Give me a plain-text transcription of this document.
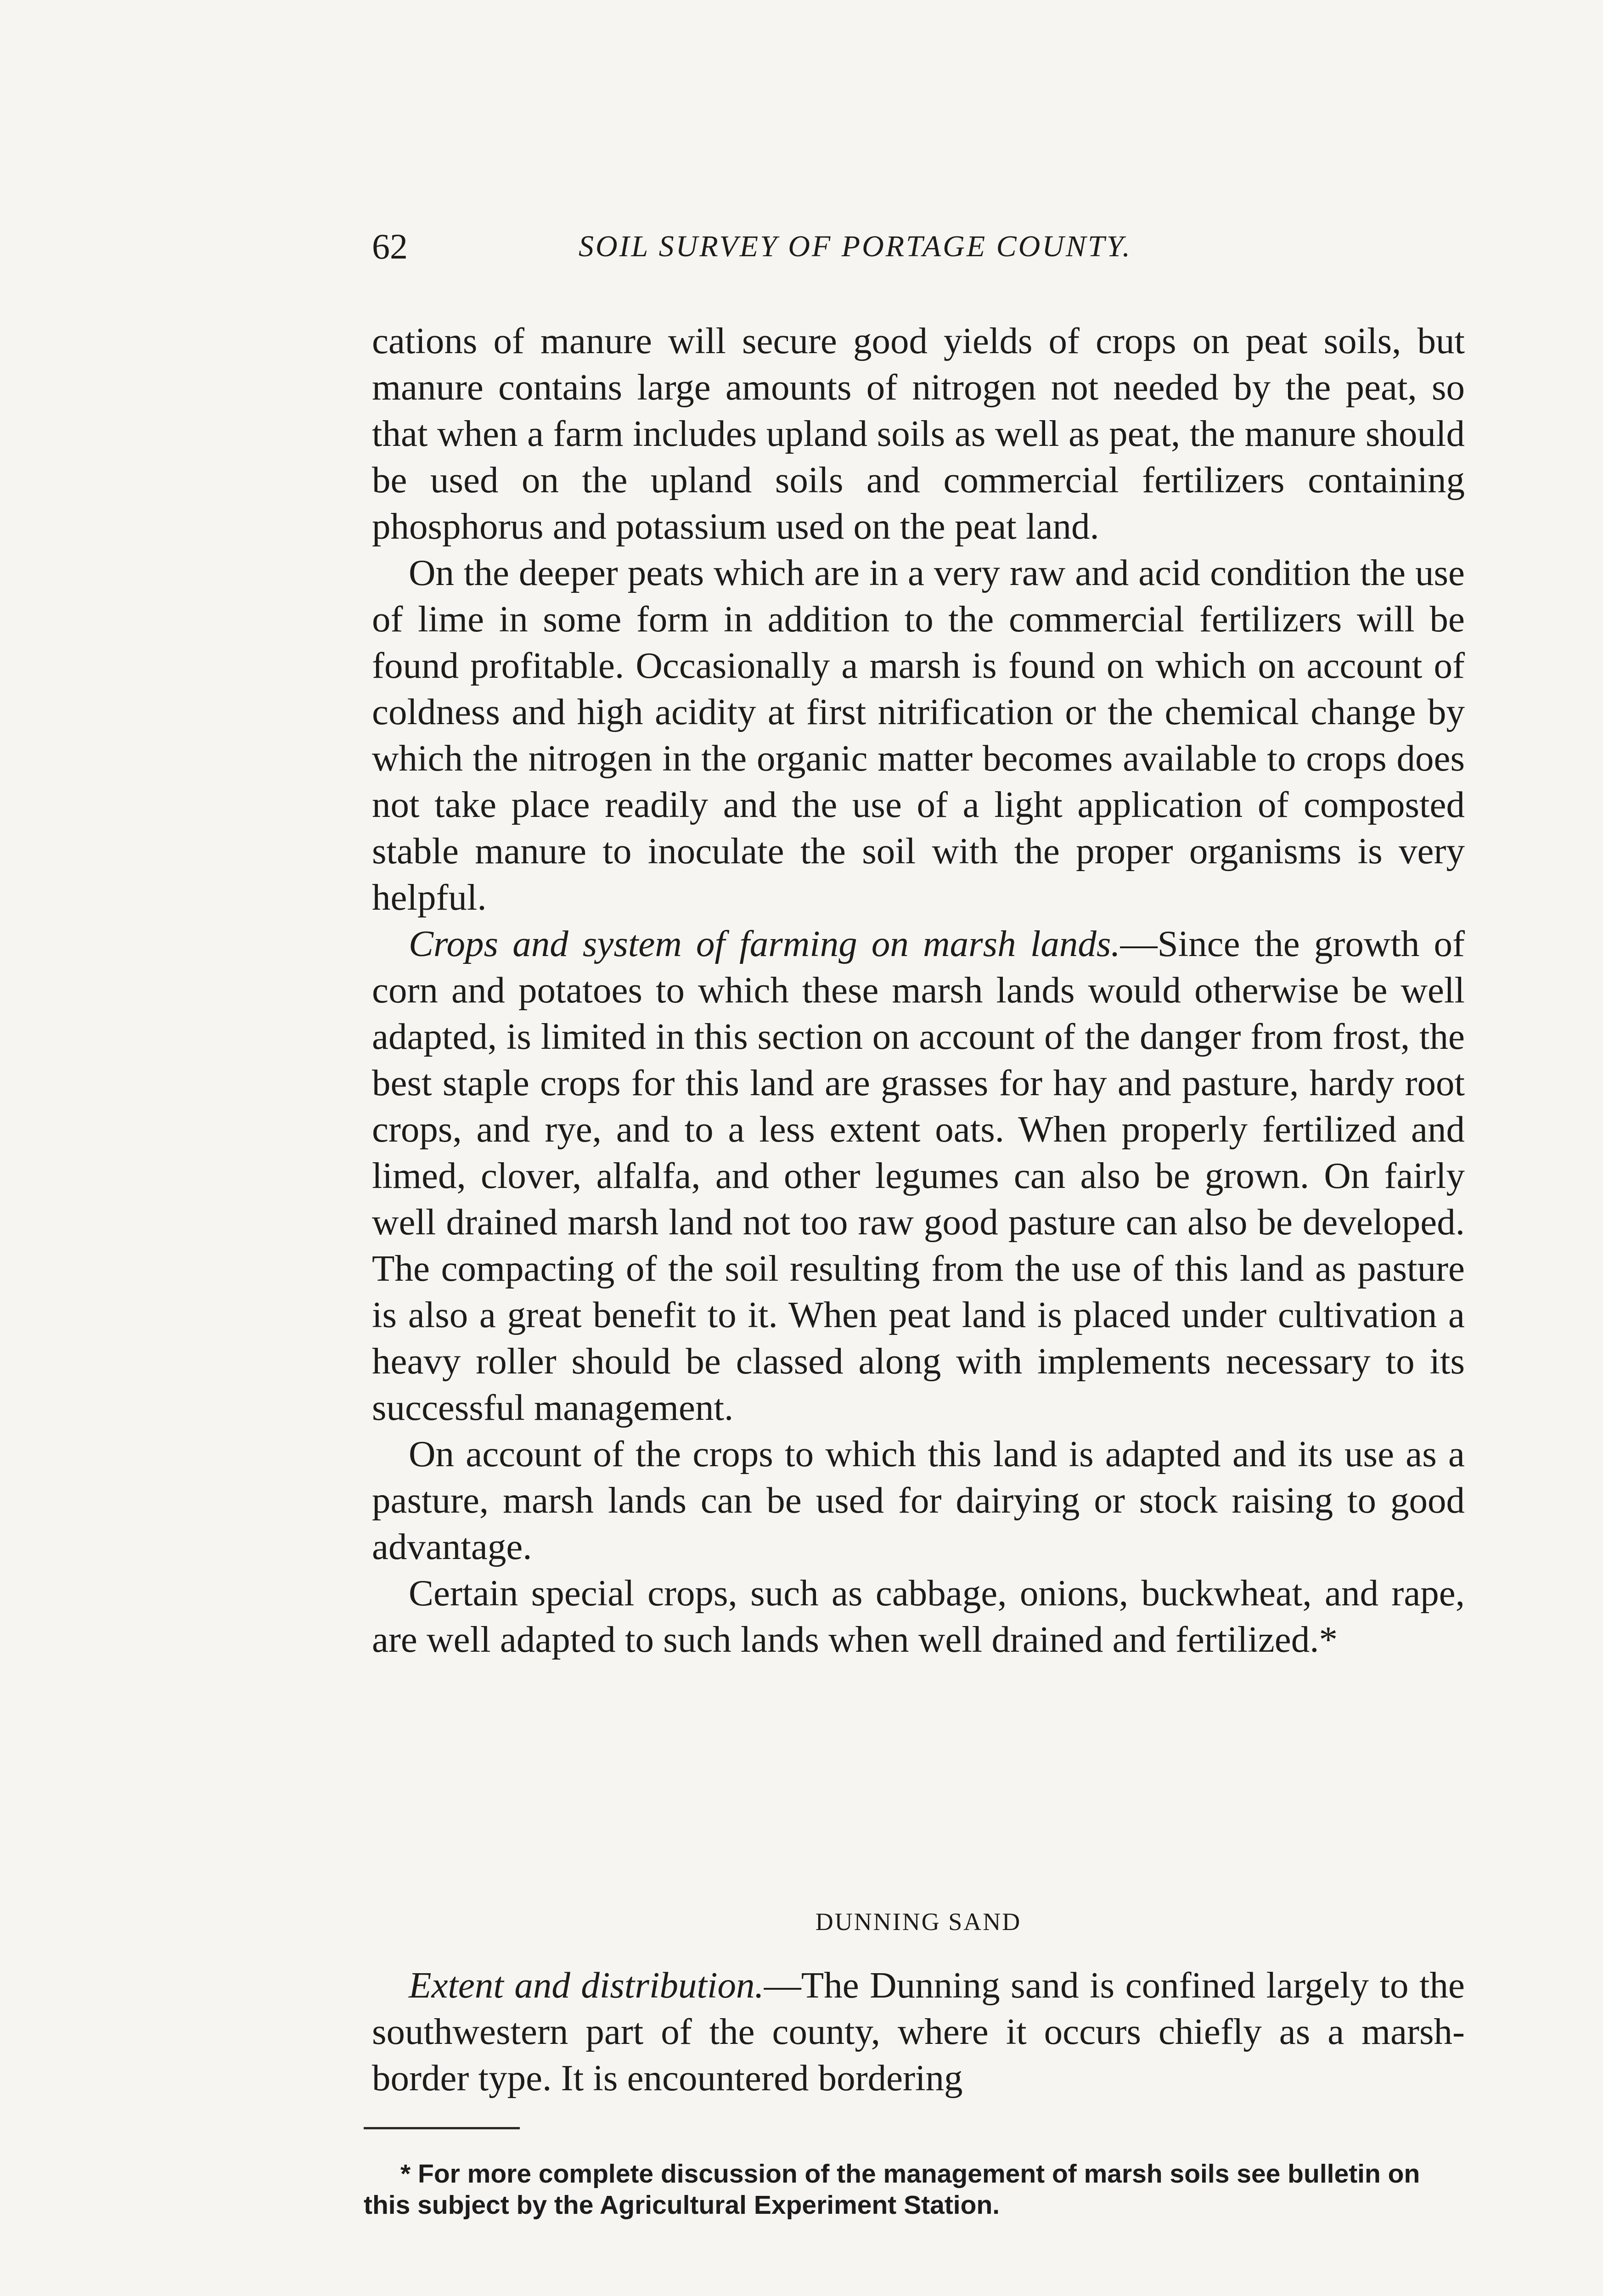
62	SOIL SURVEY OF PORTAGE COUNTY.

cations of manure will secure good yields of crops on peat soils, but manure contains large amounts of nitrogen not needed by the peat, so that when a farm includes upland soils as well as peat, the manure should be used on the upland soils and commercial fertilizers containing phosphorus and potassium used on the peat land.

On the deeper peats which are in a very raw and acid condition the use of lime in some form in addition to the commercial fertilizers will be found profitable. Occasionally a marsh is found on which on account of coldness and high acidity at first nitrification or the chemical change by which the nitrogen in the organic matter becomes available to crops does not take place readily and the use of a light application of composted stable manure to inoculate the soil with the proper organisms is very helpful.

Crops and system of farming on marsh lands.—Since the growth of corn and potatoes to which these marsh lands would otherwise be well adapted, is limited in this section on account of the danger from frost, the best staple crops for this land are grasses for hay and pasture, hardy root crops, and rye, and to a less extent oats. When properly fertilized and limed, clover, alfalfa, and other legumes can also be grown. On fairly well drained marsh land not too raw good pasture can also be developed. The compacting of the soil resulting from the use of this land as pasture is also a great benefit to it. When peat land is placed under cultivation a heavy roller should be classed along with implements necessary to its successful management.

On account of the crops to which this land is adapted and its use as a pasture, marsh lands can be used for dairying or stock raising to good advantage.

Certain special crops, such as cabbage, onions, buckwheat, and rape, are well adapted to such lands when well drained and fertilized.*

DUNNING SAND

Extent and distribution.—The Dunning sand is confined largely to the southwestern part of the county, where it occurs chiefly as a marsh-border type. It is encountered bordering

* For more complete discussion of the management of marsh soils see bulletin on this subject by the Agricultural Experiment Station.
